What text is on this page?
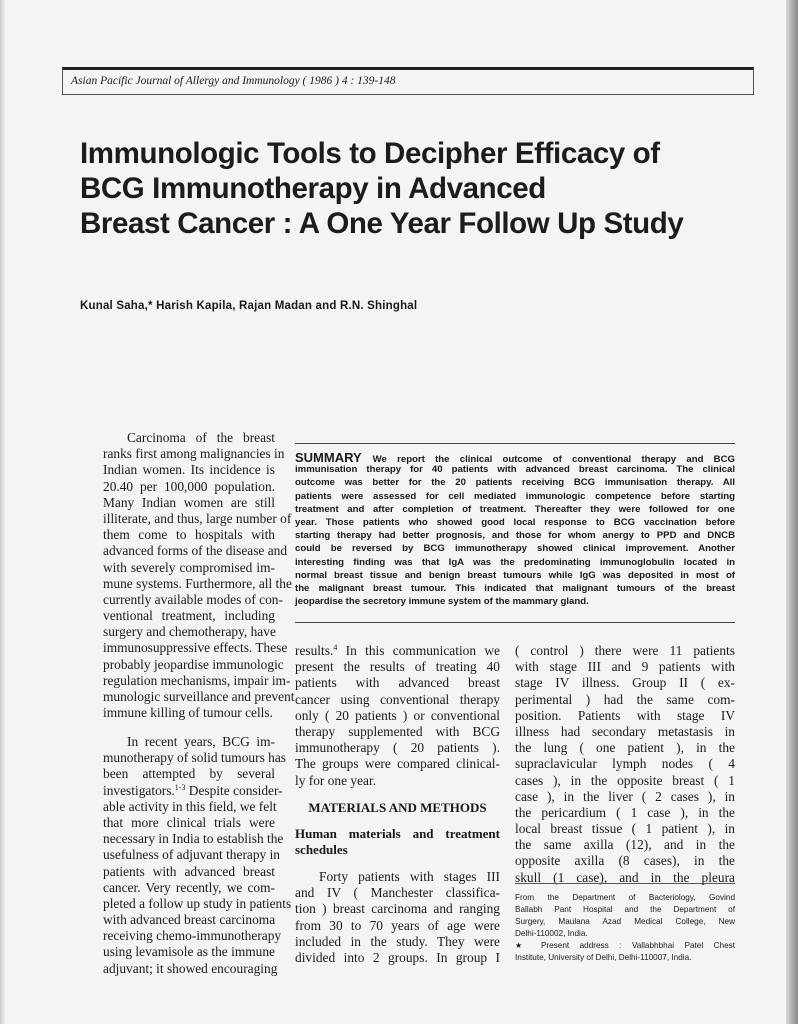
Asian Pacific Journal of Allergy and Immunology ( 1986 ) 4 : 139-148
Immunologic Tools to Decipher Efficacy of
BCG Immunotherapy in Advanced
Breast Cancer : A One Year Follow Up Study
Kunal Saha,* Harish Kapila, Rajan Madan and R.N. Shinghal
SUMMARY We report the clinical outcome of conventional therapy and BCG
immunisation therapy for 40 patients with advanced breast carcinoma. The clinical
outcome was better for the 20 patients receiving BCG immunisation therapy. All
patients were assessed for cell mediated immunologic competence before starting
treatment and after completion of treatment. Thereafter they were followed for one
year. Those patients who showed good local response to BCG vaccination before
starting therapy had better prognosis, and those for whom anergy to PPD and DNCB
could be reversed by BCG immunotherapy showed clinical improvement. Another
interesting finding was that IgA was the predominating immunoglobulin located in
normal breast tissue and benign breast tumours while IgG was deposited in most of
the malignant breast tumour. This indicated that malignant tumours of the breast
jeopardise the secretory immune system of the mammary gland.
Carcinoma of the breast
ranks first among malignancies in
Indian women. Its incidence is
20.40 per 100,000 population.
Many Indian women are still
illiterate, and thus, large number of
them come to hospitals with
advanced forms of the disease and
with severely compromised im-
mune systems. Furthermore, all the
currently available modes of con-
ventional treatment, including
surgery and chemotherapy, have
immunosuppressive effects. These
probably jeopardise immunologic
regulation mechanisms, impair im-
munologic surveillance and prevent
immune killing of tumour cells.
In recent years, BCG im-
munotherapy of solid tumours has
been attempted by several
investigators.$^{1-3}$ Despite consider-
able activity in this field, we felt
that more clinical trials were
necessary in India to establish the
usefulness of adjuvant therapy in
patients with advanced breast
cancer. Very recently, we com-
pleted a follow up study in patients
with advanced breast carcinoma
receiving chemo-immunotherapy
using levamisole as the immune
adjuvant; it showed encouraging
results.$^4$ In this communication we
present the results of treating 40
patients with advanced breast
cancer using conventional therapy
only ( 20 patients ) or conventional
therapy supplemented with BCG
immunotherapy ( 20 patients ).
The groups were compared clinical-
ly for one year.
MATERIALS AND METHODS
Human materials and treatment
schedules
Forty patients with stages III
and IV ( Manchester classifica-
tion ) breast carcinoma and ranging
from 30 to 70 years of age were
included in the study. They were
divided into 2 groups. In group I
( control ) there were 11 patients
with stage III and 9 patients with
stage IV illness. Group II ( ex-
perimental ) had the same com-
position. Patients with stage IV
illness had secondary metastasis in
the lung ( one patient ), in the
supraclavicular lymph nodes ( 4
cases ), in the opposite breast ( 1
case ), in the liver ( 2 cases ), in
the pericardium ( 1 case ), in the
local breast tissue ( 1 patient ), in
the same axilla (12), and in the
opposite axilla (8 cases), in the
skull (1 case), and in the pleura
From the Department of Bacteriology, Govind
Ballabh Pant Hospital and the Department of
Surgery, Maulana Azad Medical College, New
Delhi-110002, India.
★ Present address : Vallabhbhai Patel Chest
Institute, University of Delhi, Delhi-110007, India.
